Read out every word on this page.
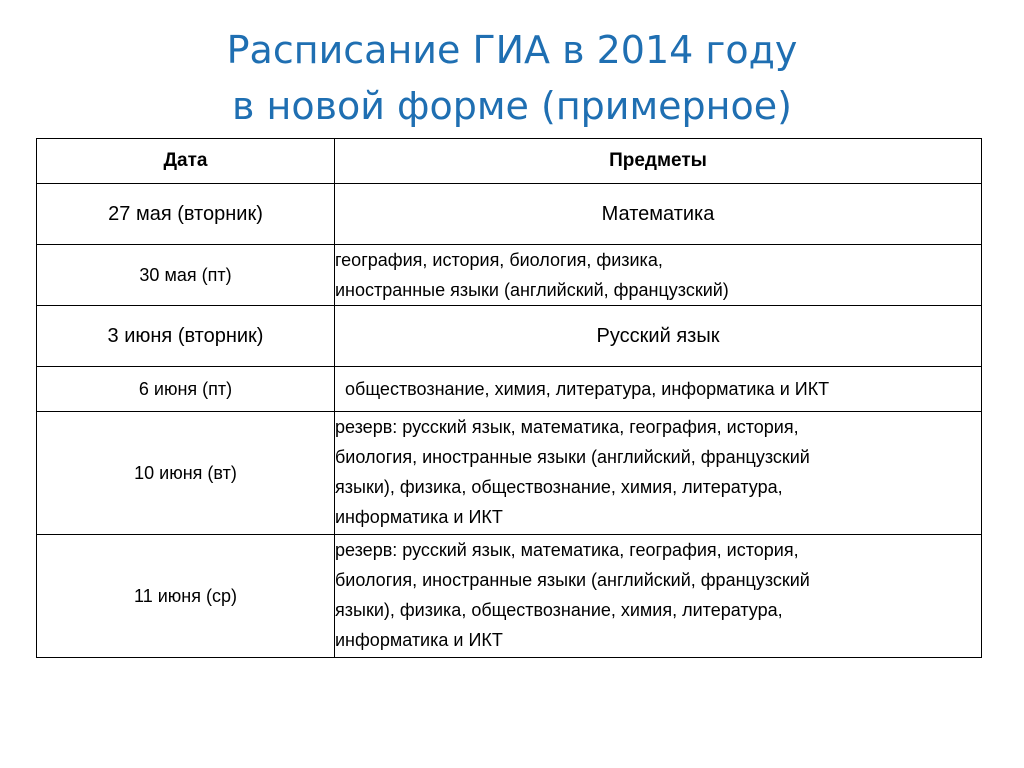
Расписание ГИА в 2014 году
в новой форме (примерное)
Дата	Предметы
27 мая (вторник)	Математика

30 мая (пт)	география, история, биология, физика,
иностранные языки (английский, французский)

3 июня (вторник)	Русский язык

6 июня (пт)	обществознание, химия, литература, информатика и ИКТ

10 июня (вт)	резерв: русский язык, математика, география, история,
биология, иностранные языки (английский, французский
языки), физика, обществознание, химия, литература,
информатика и ИКТ

11 июня (ср)	резерв: русский язык, математика, география, история,
биология, иностранные языки (английский, французский
языки), физика, обществознание, химия, литература,
информатика и ИКТ
